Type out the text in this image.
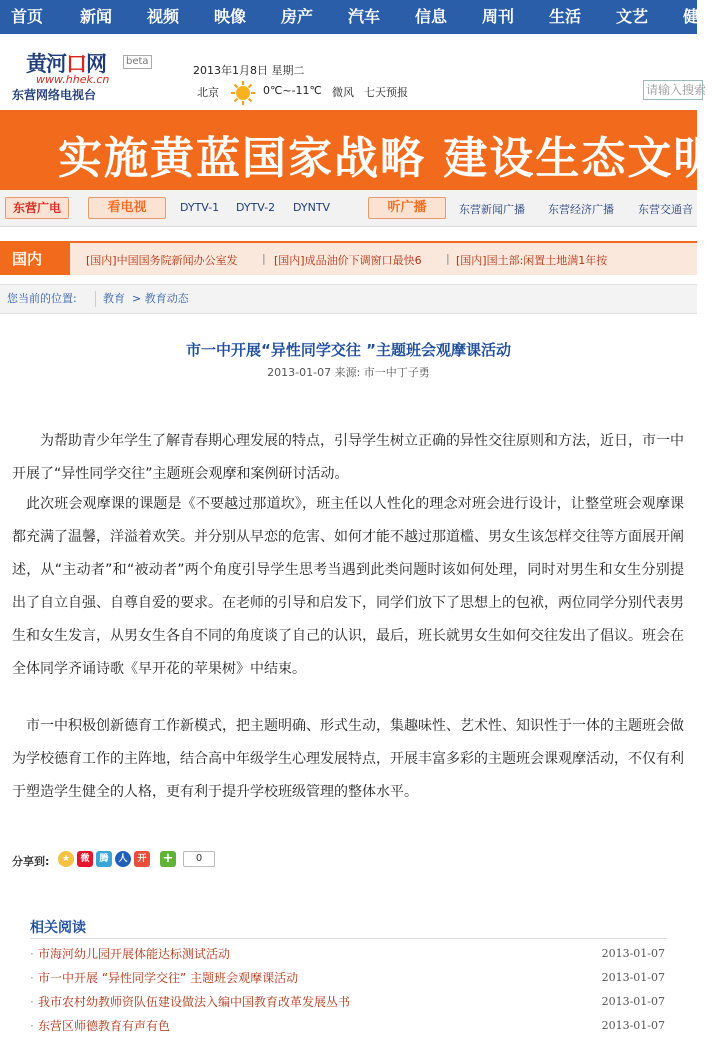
首页 新闻 视频 映像 房产 汽车 信息 周刊 生活 文艺 健
黄河口网	beta
www.hhek.cn
东营网络电视台
2013年1月8日 星期二
北京	0℃~-11℃ 微风 七天预报	请输入搜索
实施黄蓝国家战略 建设生态文明
东营广电	看电视	DYTV-1 DYTV-2 DYNTV	听广播	东营新闻广播 东营经济广播 东营交通音
国内	[国内]中国国务院新闻办公室发 | [国内]成品油价下调窗口最快6 | [国内]国土部:闲置土地满1年按
您当前的位置: 教育 > 教育动态
市一中开展“异性同学交往 ”主题班会观摩课活动
2013-01-07 来源: 市一中丁子勇
为帮助青少年学生了解青春期心理发展的特点，引导学生树立正确的异性交往原则和方法，近日，市一中开展了“异性同学交往”主题班会观摩和案例研讨活动。
此次班会观摩课的课题是《不要越过那道坎》，班主任以人性化的理念对班会进行设计，让整堂班会观摩课都充满了温馨，洋溢着欢笑。并分别从早恋的危害、如何才能不越过那道槛、男女生该怎样交往等方面展开阐述，从“主动者”和“被动者”两个角度引导学生思考当遇到此类问题时该如何处理，同时对男生和女生分别提出了自立自强、自尊自爱的要求。在老师的引导和启发下，同学们放下了思想上的包袱，两位同学分别代表男生和女生发言，从男女生各自不同的角度谈了自己的认识，最后，班长就男女生如何交往发出了倡议。班会在全体同学齐诵诗歌《早开花的苹果树》中结束。
市一中积极创新德育工作新模式，把主题明确、形式生动，集趣味性、艺术性、知识性于一体的主题班会做为学校德育工作的主阵地，结合高中年级学生心理发展特点，开展丰富多彩的主题班会课观摩活动，不仅有利于塑造学生健全的人格，更有利于提升学校班级管理的整体水平。
分享到:	★	微	腾	人	开 +	0
相关阅读
· 市海河幼儿园开展体能达标测试活动	2013-01-07
· 市一中开展 “异性同学交往” 主题班会观摩课活动	2013-01-07
· 我市农村幼教师资队伍建设做法入编中国教育改革发展丛书	2013-01-07
· 东营区师德教育有声有色	2013-01-07
